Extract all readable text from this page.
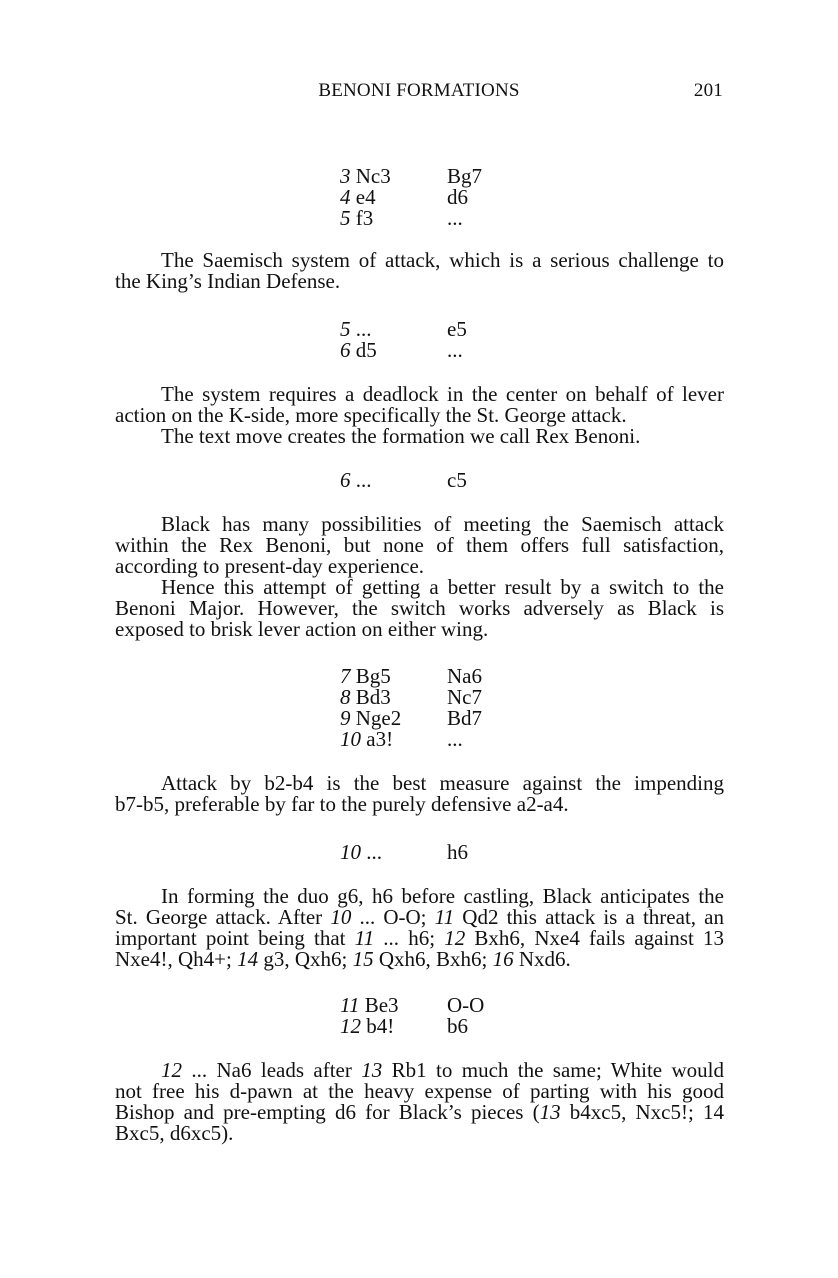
BENONI FORMATIONS	201
3 Nc3	Bg7
4 e4	d6
5 f3	...
The Saemisch system of attack, which is a serious challenge to
the King’s Indian Defense.
5 ...	e5
6 d5	...
The system requires a deadlock in the center on behalf of lever
action on the K-side, more specifically the St. George attack.
The text move creates the formation we call Rex Benoni.
6 ...	c5
Black has many possibilities of meeting the Saemisch attack
within the Rex Benoni, but none of them offers full satisfaction,
according to present-day experience.
Hence this attempt of getting a better result by a switch to the
Benoni Major. However, the switch works adversely as Black is
exposed to brisk lever action on either wing.
7 Bg5	Na6
8 Bd3	Nc7
9 Nge2	Bd7
10 a3!	...
Attack by b2-b4 is the best measure against the impending
b7-b5, preferable by far to the purely defensive a2-a4.
10 ...	h6
In forming the duo g6, h6 before castling, Black anticipates the
St. George attack. After 10 ... O-O; 11 Qd2 this attack is a threat, an
important point being that 11 ... h6; 12 Bxh6, Nxe4 fails against 13
Nxe4!, Qh4+; 14 g3, Qxh6; 15 Qxh6, Bxh6; 16 Nxd6.
11 Be3	O-O
12 b4!	b6
12 ... Na6 leads after 13 Rb1 to much the same; White would
not free his d-pawn at the heavy expense of parting with his good
Bishop and pre-empting d6 for Black’s pieces (13 b4xc5, Nxc5!; 14
Bxc5, d6xc5).
